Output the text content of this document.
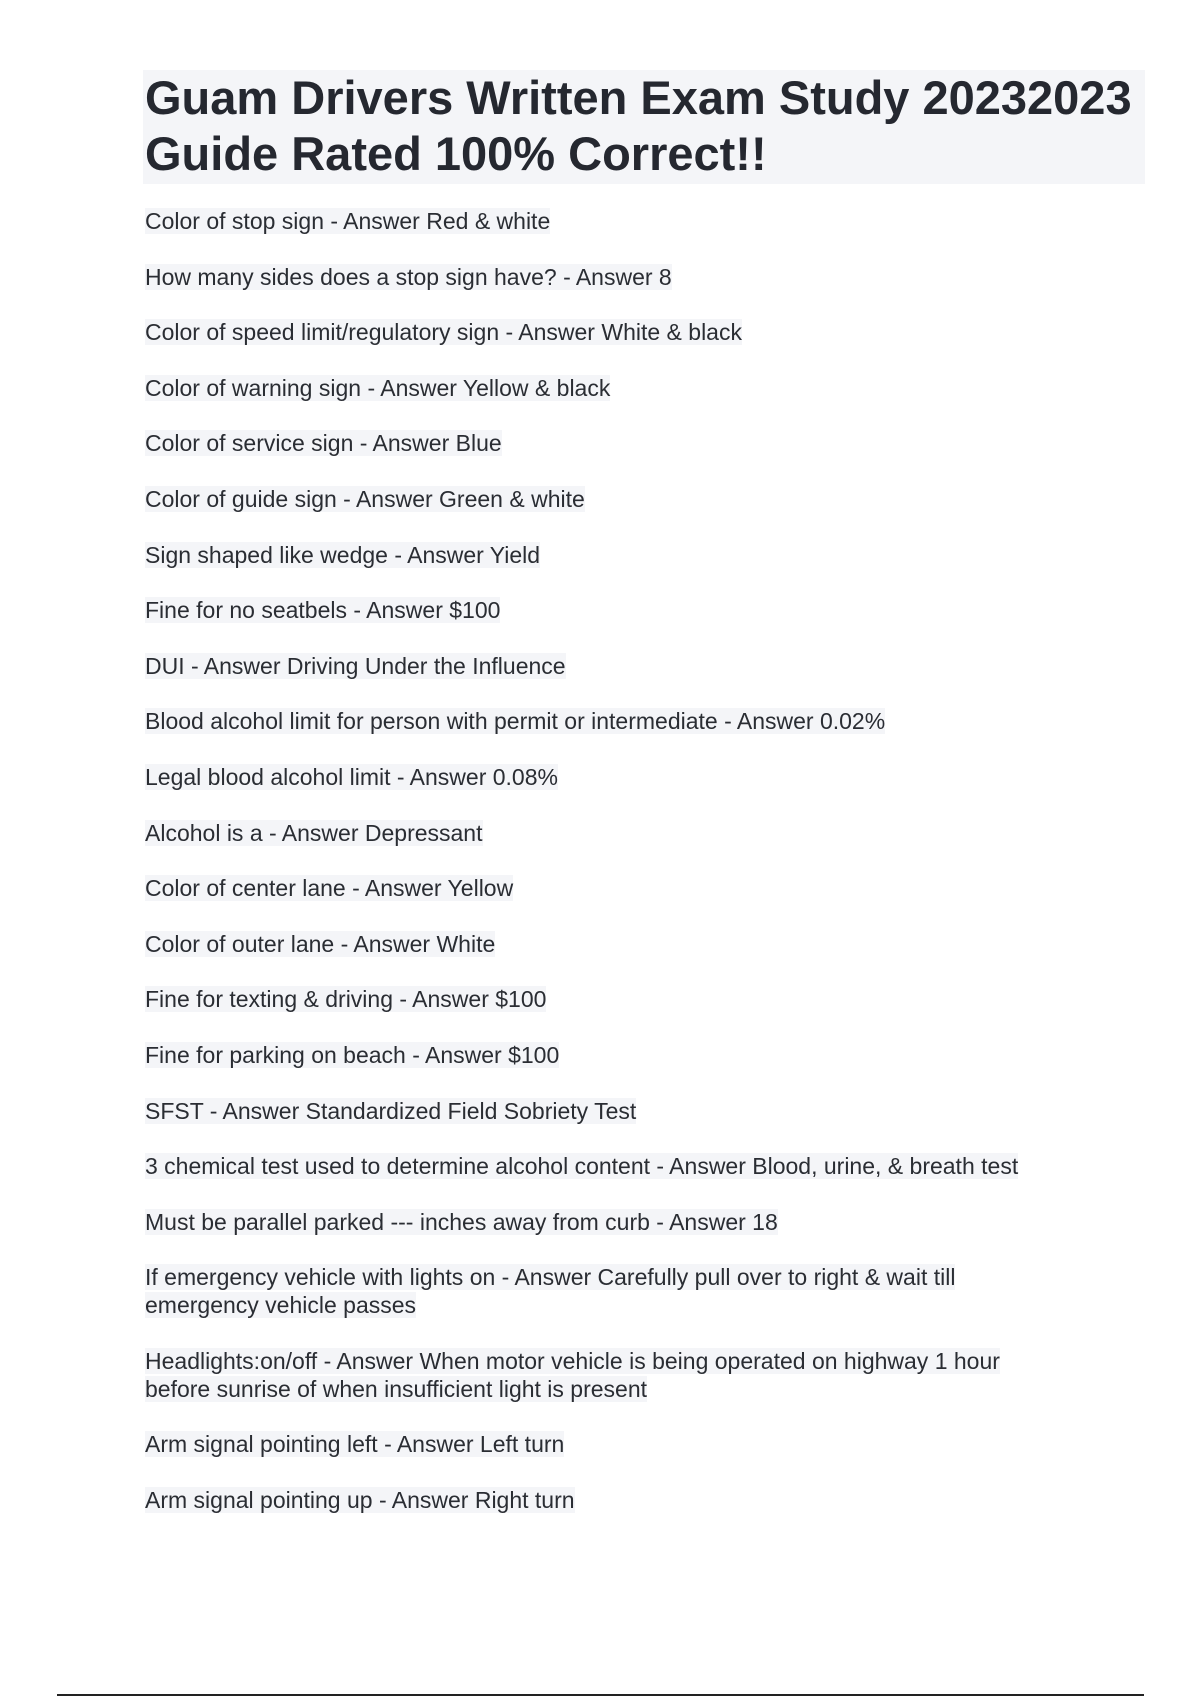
Guam Drivers Written Exam Study 20232023
Guide Rated 100% Correct!!
Color of stop sign - Answer Red & white
How many sides does a stop sign have? - Answer 8
Color of speed limit/regulatory sign - Answer White & black
Color of warning sign - Answer Yellow & black
Color of service sign - Answer Blue
Color of guide sign - Answer Green & white
Sign shaped like wedge - Answer Yield
Fine for no seatbels - Answer $100
DUI - Answer Driving Under the Influence
Blood alcohol limit for person with permit or intermediate - Answer 0.02%
Legal blood alcohol limit - Answer 0.08%
Alcohol is a - Answer Depressant
Color of center lane - Answer Yellow
Color of outer lane - Answer White
Fine for texting & driving - Answer $100
Fine for parking on beach - Answer $100
SFST - Answer Standardized Field Sobriety Test
3 chemical test used to determine alcohol content - Answer Blood, urine, & breath test
Must be parallel parked --- inches away from curb - Answer 18
If emergency vehicle with lights on - Answer Carefully pull over to right & wait till emergency vehicle passes
Headlights:on/off - Answer When motor vehicle is being operated on highway 1 hour before sunrise of when insufficient light is present
Arm signal pointing left - Answer Left turn
Arm signal pointing up - Answer Right turn
